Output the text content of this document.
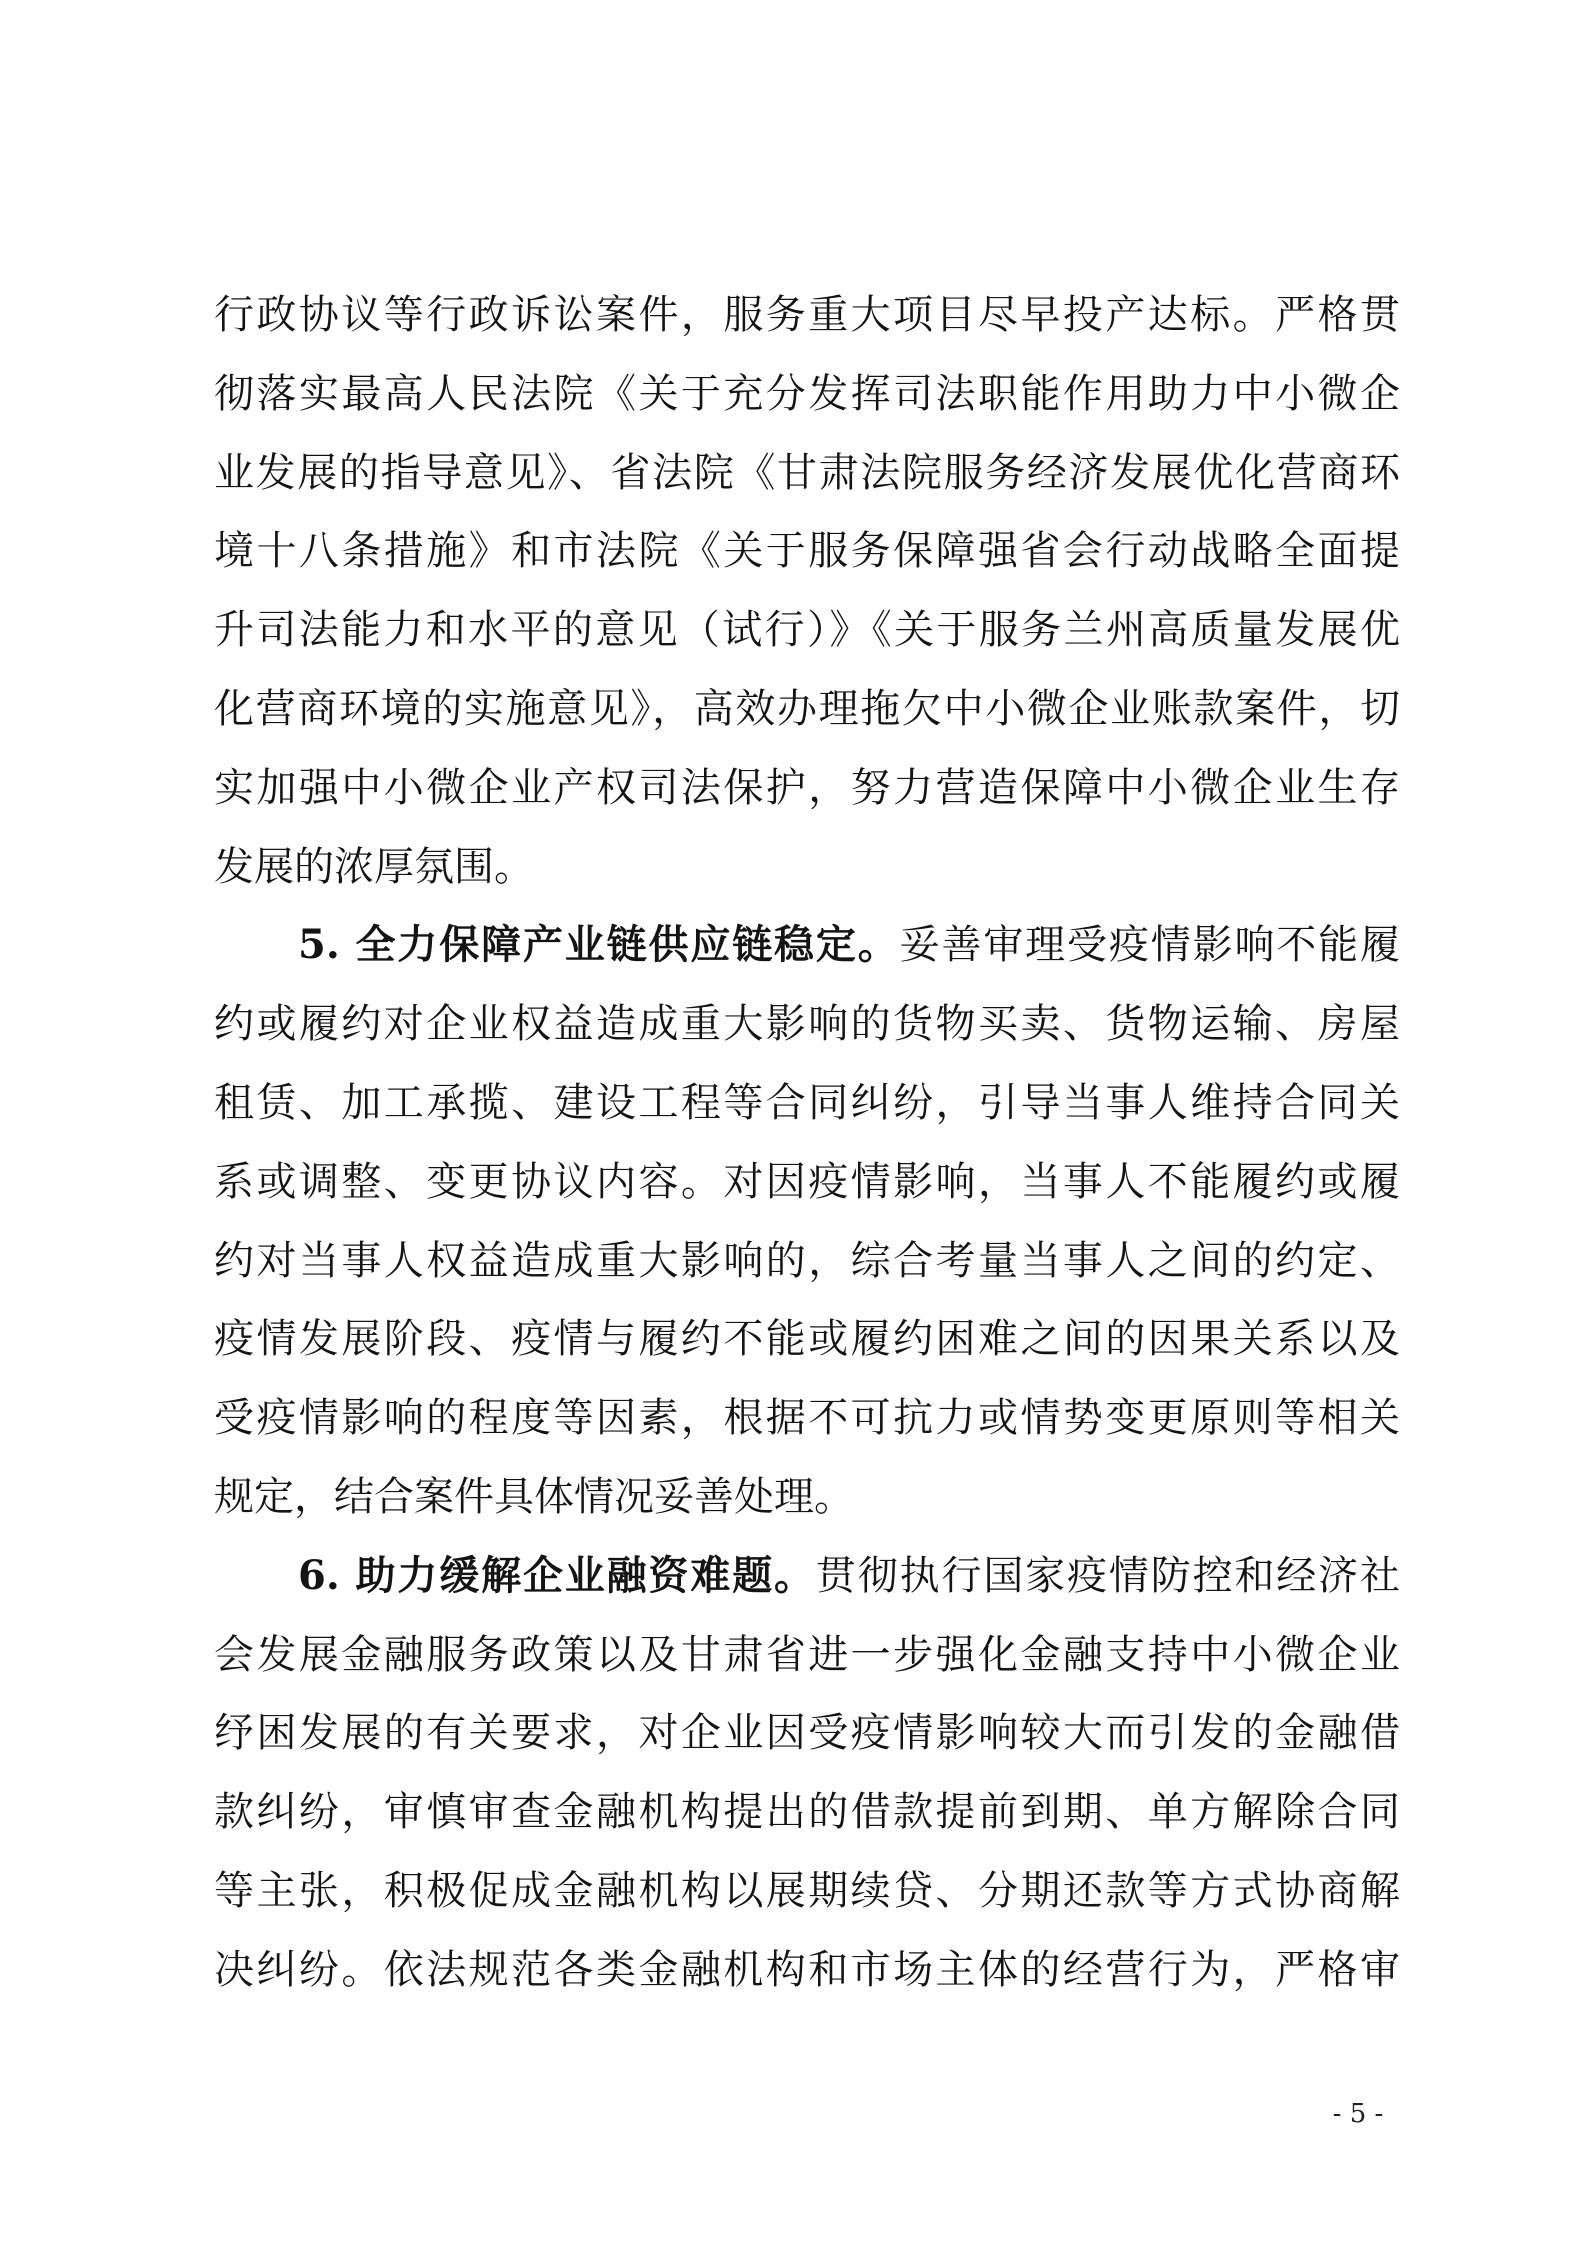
行政协议等行政诉讼案件，服务重大项目尽早投产达标。严格贯
彻落实最高人民法院《关于充分发挥司法职能作用助力中小微企
业发展的指导意见》、省法院《甘肃法院服务经济发展优化营商环
境十八条措施》和市法院《关于服务保障强省会行动战略全面提
升司法能力和水平的意见（试行）》《关于服务兰州高质量发展优
化营商环境的实施意见》，高效办理拖欠中小微企业账款案件，切
实加强中小微企业产权司法保护，努力营造保障中小微企业生存
发展的浓厚氛围。
5. 全力保障产业链供应链稳定。妥善审理受疫情影响不能履
约或履约对企业权益造成重大影响的货物买卖、货物运输、房屋
租赁、加工承揽、建设工程等合同纠纷，引导当事人维持合同关
系或调整、变更协议内容。对因疫情影响，当事人不能履约或履
约对当事人权益造成重大影响的，综合考量当事人之间的约定、
疫情发展阶段、疫情与履约不能或履约困难之间的因果关系以及
受疫情影响的程度等因素，根据不可抗力或情势变更原则等相关
规定，结合案件具体情况妥善处理。
6. 助力缓解企业融资难题。贯彻执行国家疫情防控和经济社
会发展金融服务政策以及甘肃省进一步强化金融支持中小微企业
纾困发展的有关要求，对企业因受疫情影响较大而引发的金融借
款纠纷，审慎审查金融机构提出的借款提前到期、单方解除合同
等主张，积极促成金融机构以展期续贷、分期还款等方式协商解
决纠纷。依法规范各类金融机构和市场主体的经营行为，严格审
- 5 -
